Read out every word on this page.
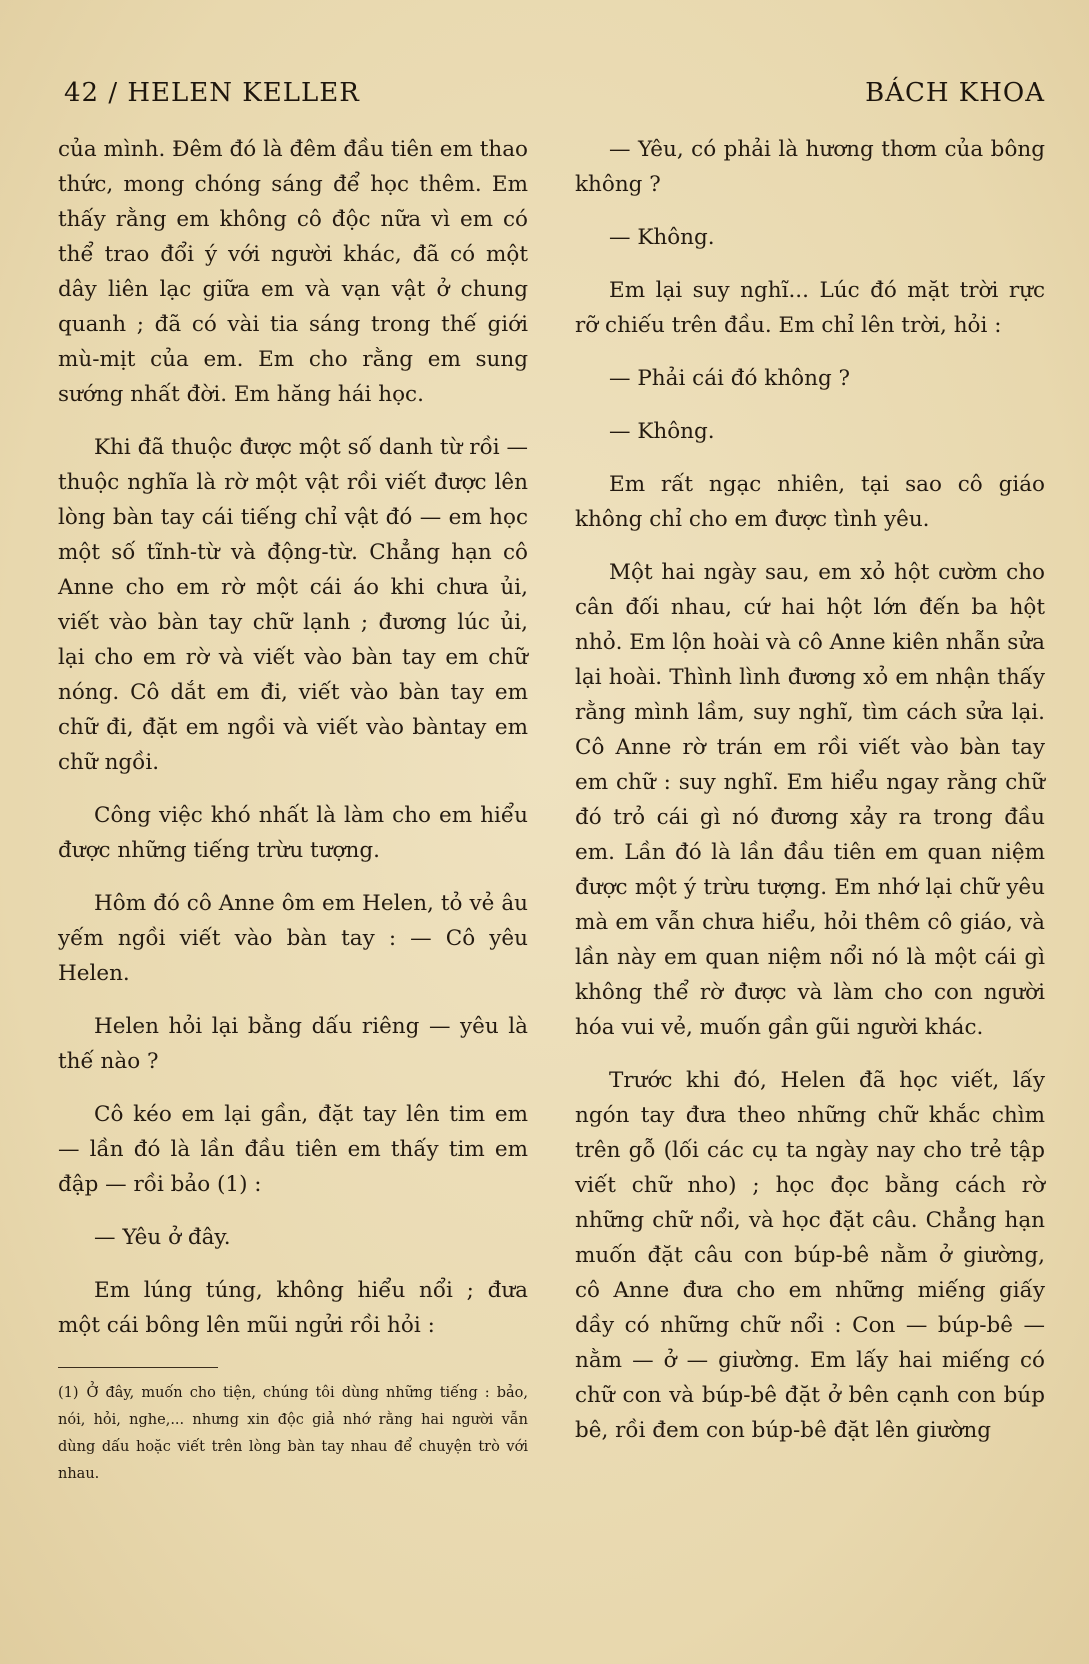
42 / HELEN KELLER	BÁCH KHOA

của mình. Đêm đó là đêm đầu tiên em thao thức, mong chóng sáng để học thêm. Em thấy rằng em không cô độc nữa vì em có thể trao đổi ý với người khác, đã có một dây liên lạc giữa em và vạn vật ở chung quanh ; đã có vài tia sáng trong thế giới mù-mịt của em. Em cho rằng em sung sướng nhất đời. Em hăng hái học.

Khi đã thuộc được một số danh từ rồi — thuộc nghĩa là rờ một vật rồi viết được lên lòng bàn tay cái tiếng chỉ vật đó — em học một số tĩnh-từ và động-từ. Chẳng hạn cô Anne cho em rờ một cái áo khi chưa ủi, viết vào bàn tay chữ lạnh ; đương lúc ủi, lại cho em rờ và viết vào bàn tay em chữ nóng. Cô dắt em đi, viết vào bàn tay em chữ đi, đặt em ngồi và viết vào bàntay em chữ ngồi.

Công việc khó nhất là làm cho em hiểu được những tiếng trừu tượng.

Hôm đó cô Anne ôm em Helen, tỏ vẻ âu yếm ngồi viết vào bàn tay : — Cô yêu Helen.

Helen hỏi lại bằng dấu riêng — yêu là thế nào ?

Cô kéo em lại gần, đặt tay lên tim em — lần đó là lần đầu tiên em thấy tim em đập — rồi bảo (1) :

— Yêu ở đây.

Em lúng túng, không hiểu nổi ; đưa một cái bông lên mũi ngửi rồi hỏi :

(1) Ở đây, muốn cho tiện, chúng tôi dùng những tiếng : bảo, nói, hỏi, nghe,... nhưng xin độc giả nhớ rằng hai người vẫn dùng dấu hoặc viết trên lòng bàn tay nhau để chuyện trò với nhau.

— Yêu, có phải là hương thơm của bông không ?

— Không.

Em lại suy nghĩ... Lúc đó mặt trời rực rỡ chiếu trên đầu. Em chỉ lên trời, hỏi :

— Phải cái đó không ?

— Không.

Em rất ngạc nhiên, tại sao cô giáo không chỉ cho em được tình yêu.

Một hai ngày sau, em xỏ hột cườm cho cân đối nhau, cứ hai hột lớn đến ba hột nhỏ. Em lộn hoài và cô Anne kiên nhẫn sửa lại hoài. Thình lình đương xỏ em nhận thấy rằng mình lầm, suy nghĩ, tìm cách sửa lại. Cô Anne rờ trán em rồi viết vào bàn tay em chữ : suy nghĩ. Em hiểu ngay rằng chữ đó trỏ cái gì nó đương xảy ra trong đầu em. Lần đó là lần đầu tiên em quan niệm được một ý trừu tượng. Em nhớ lại chữ yêu mà em vẫn chưa hiểu, hỏi thêm cô giáo, và lần này em quan niệm nổi nó là một cái gì không thể rờ được và làm cho con người hóa vui vẻ, muốn gần gũi người khác.

Trước khi đó, Helen đã học viết, lấy ngón tay đưa theo những chữ khắc chìm trên gỗ (lối các cụ ta ngày nay cho trẻ tập viết chữ nho) ; học đọc bằng cách rờ những chữ nổi, và học đặt câu. Chẳng hạn muốn đặt câu con búp-bê nằm ở giường, cô Anne đưa cho em những miếng giấy dầy có những chữ nổi : Con — búp-bê — nằm — ở — giường. Em lấy hai miếng có chữ con và búp-bê đặt ở bên cạnh con búp bê, rồi đem con búp-bê đặt lên giường
